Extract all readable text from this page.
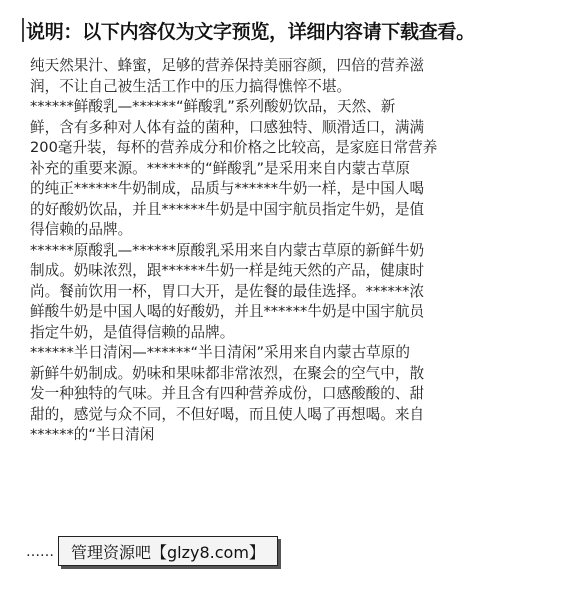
说明：以下内容仅为文字预览，详细内容请下载查看。
纯天然果汁、蜂蜜，足够的营养保持美丽容颜，四倍的营养滋
润，不让自己被生活工作中的压力搞得憔悴不堪。
******鲜酸乳—******“鲜酸乳”系列酸奶饮品，天然、新
鲜，含有多种对人体有益的菌种，口感独特、顺滑适口，满满
200毫升装，每杯的营养成分和价格之比较高，是家庭日常营养
补充的重要来源。******的“鲜酸乳”是采用来自内蒙古草原
的纯正******牛奶制成，品质与******牛奶一样，是中国人喝
的好酸奶饮品，并且******牛奶是中国宇航员指定牛奶，是值
得信赖的品牌。
******原酸乳—******原酸乳采用来自内蒙古草原的新鲜牛奶
制成。奶味浓烈，跟******牛奶一样是纯天然的产品，健康时
尚。餐前饮用一杯，胃口大开，是佐餐的最佳选择。******浓
鲜酸牛奶是中国人喝的好酸奶，并且******牛奶是中国宇航员
指定牛奶，是值得信赖的品牌。
******半日清闲—******“半日清闲”采用来自内蒙古草原的
新鲜牛奶制成。奶味和果味都非常浓烈，在聚会的空气中，散
发一种独特的气味。并且含有四种营养成份，口感酸酸的、甜
甜的，感觉与众不同，不但好喝，而且使人喝了再想喝。来自
******的“半日清闲
……	管理资源吧【glzy8.com】
